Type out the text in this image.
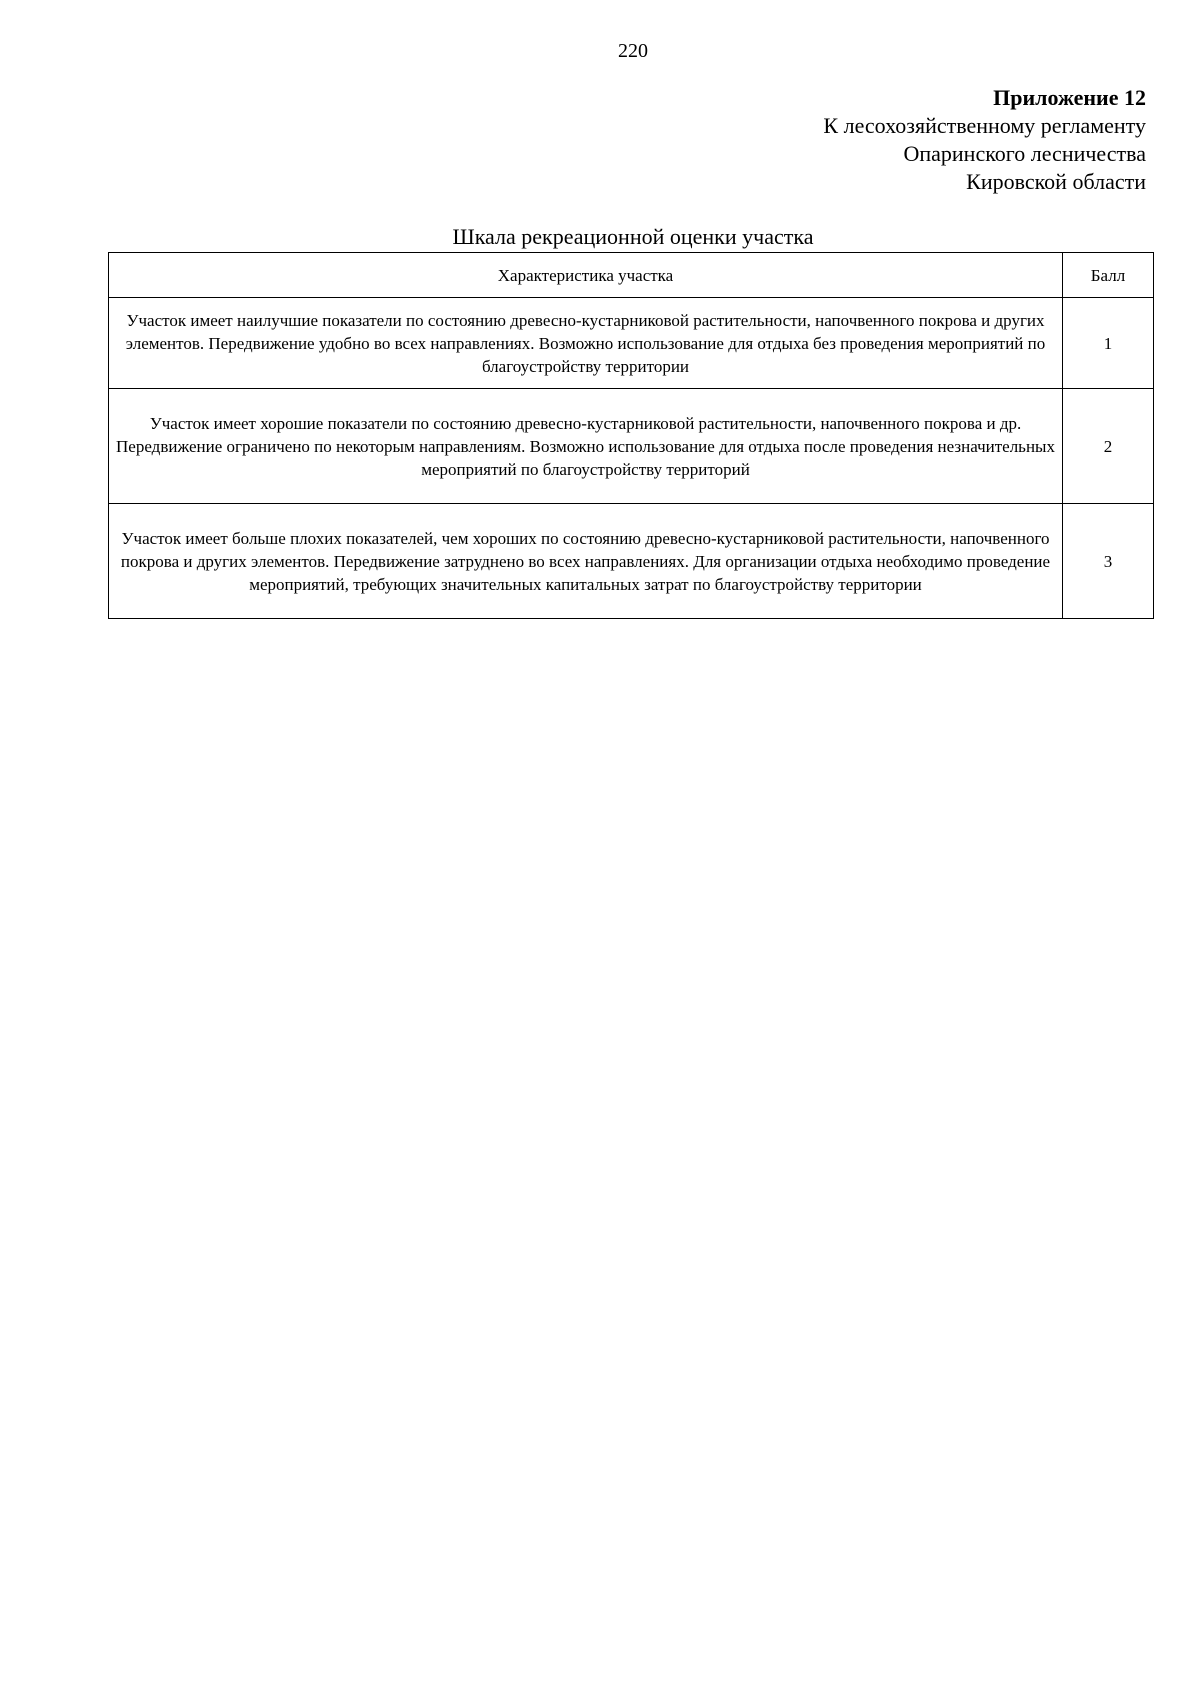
220
Приложение 12
К лесохозяйственному регламенту
Опаринского лесничества
Кировской области
Шкала рекреационной оценки участка
Характеристика участка	Балл

Участок имеет наилучшие показатели по состоянию древесно-кустарниковой растительности, напочвенного покрова и других элементов. Передвижение удобно во всех направлениях. Возможно использование для отдыха без проведения мероприятий по благоустройству территории	1

Участок имеет хорошие показатели по состоянию древесно-кустарниковой растительности, напочвенного покрова и др.
Передвижение ограничено по некоторым направлениям. Возможно использование для отдыха после проведения незначительных мероприятий по благоустройству территорий	2

Участок имеет больше плохих показателей, чем хороших по состоянию древесно-кустарниковой растительности, напочвенного покрова и других элементов. Передвижение затруднено во всех направлениях. Для организации отдыха необходимо проведение мероприятий, требующих значительных капитальных затрат по благоустройству территории	3
